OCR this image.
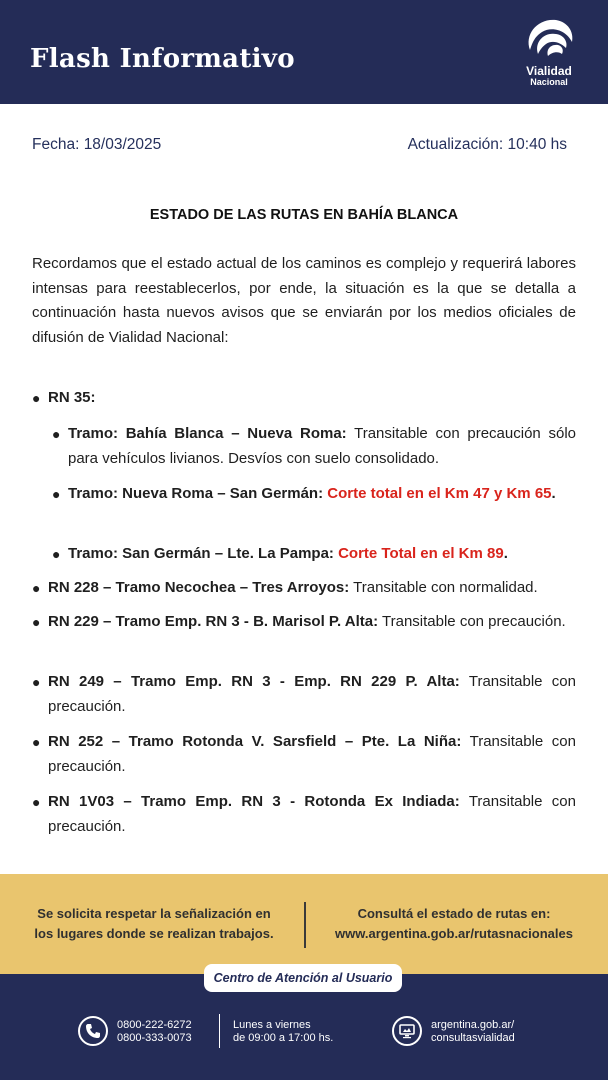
Flash Informativo	Vialidad
Nacional
Fecha: 18/03/2025	Actualización: 10:40 hs
ESTADO DE LAS RUTAS EN BAHÍA BLANCA
Recordamos que el estado actual de los caminos es complejo y requerirá labores intensas para reestablecerlos, por ende, la situación es la que se detalla a continuación hasta nuevos avisos que se enviarán por los medios oficiales de difusión de Vialidad Nacional:
● RN 35:
● Tramo: Bahía Blanca – Nueva Roma: Transitable con precaución sólo para vehículos livianos. Desvíos con suelo consolidado.
● Tramo: Nueva Roma – San Germán: Corte total en el Km 47 y Km 65.
● Tramo: San Germán – Lte. La Pampa: Corte Total en el Km 89.
● RN 228 – Tramo Necochea – Tres Arroyos: Transitable con normalidad.
● RN 229 – Tramo Emp. RN 3 - B. Marisol P. Alta: Transitable con precaución.
● RN 249 – Tramo Emp. RN 3 - Emp. RN 229 P. Alta: Transitable con precaución.
● RN 252 – Tramo Rotonda V. Sarsfield – Pte. La Niña: Transitable con precaución.
● RN 1V03 – Tramo Emp. RN 3 - Rotonda Ex Indiada: Transitable con precaución.
Se solicita respetar la señalización en
los lugares donde se realizan trabajos.
Consultá el estado de rutas en:
www.argentina.gob.ar/rutasnacionales
Centro de Atención al Usuario
0800-222-6272
0800-333-0073
Lunes a viernes
de 09:00 a 17:00 hs.
argentina.gob.ar/
consultasvialidad
